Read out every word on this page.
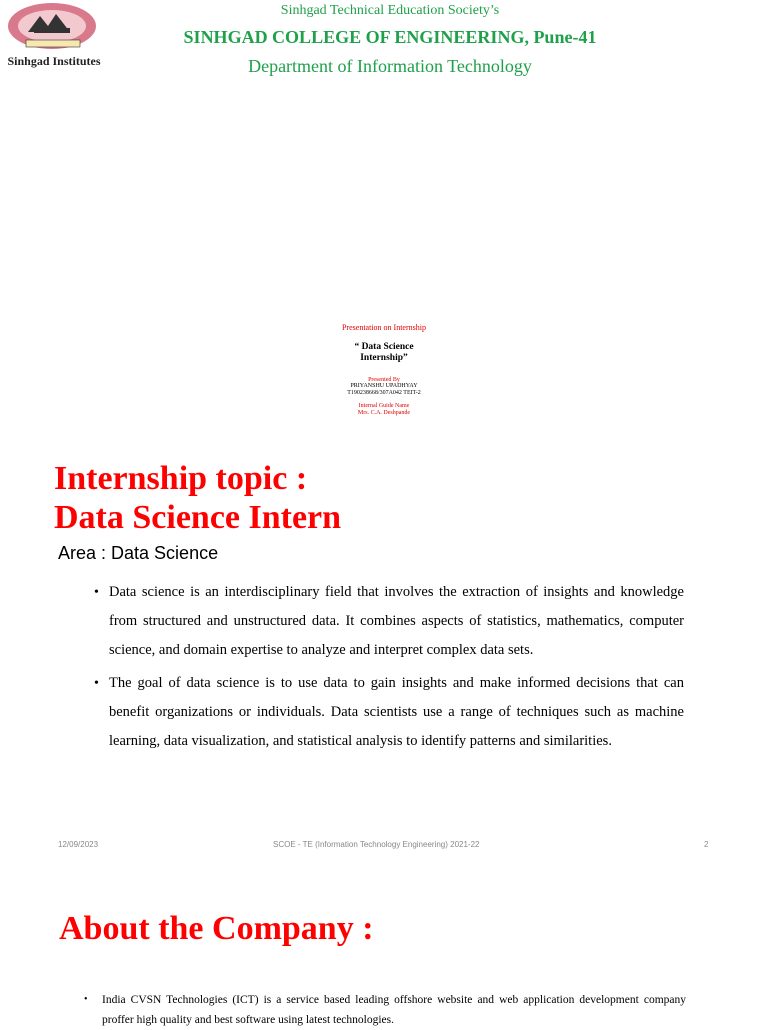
Sinhgad Institutes
Sinhgad Technical Education Society’s
SINHGAD COLLEGE OF ENGINEERING, Pune-41
Department of Information Technology
Presentation on Internship
“ Data Science
Internship”
Presented By
PRIYANSHU UPADHYAY
T190238668/307A042 TEIT-2
Internal Guide Name
Mrs. C.A. Deshpande
Internship topic :
Data Science Intern
Area : Data Science
• Data science is an interdisciplinary field that involves the extraction of insights and knowledge from structured and unstructured data. It combines aspects of statistics, mathematics, computer science, and domain expertise to analyze and interpret complex data sets.
• The goal of data science is to use data to gain insights and make informed decisions that can benefit organizations or individuals. Data scientists use a range of techniques such as machine learning, data visualization, and statistical analysis to identify patterns and similarities.
12/09/2023	SCOE - TE (Information Technology Engineering) 2021-22	2
About the Company :
• India CVSN Technologies (ICT) is a service based leading offshore website and web application development company proffer high quality and best software using latest technologies.
